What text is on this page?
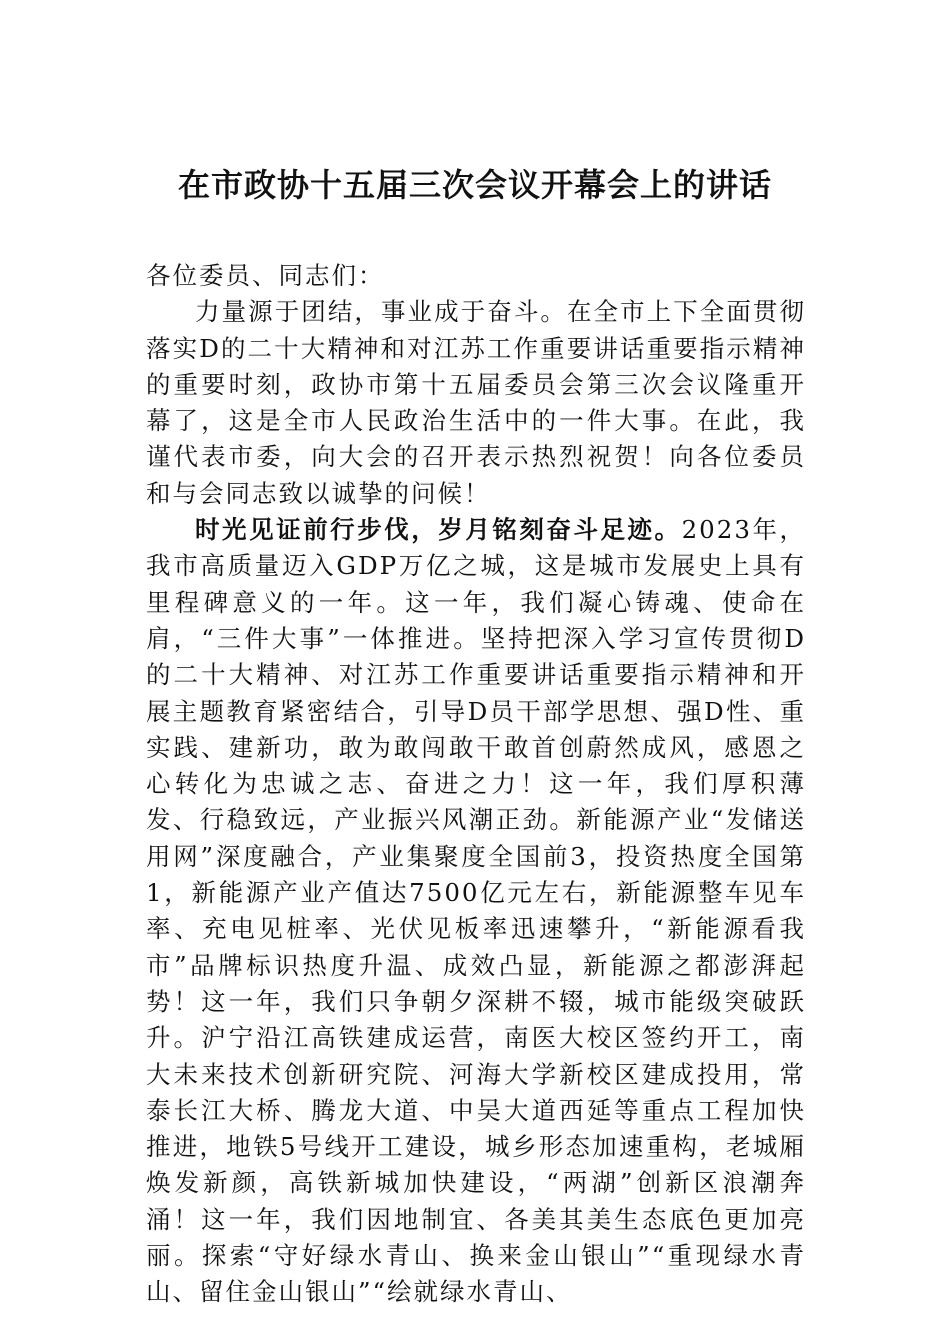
在市政协十五届三次会议开幕会上的讲话

各位委员、同志们：

力量源于团结，事业成于奋斗。在全市上下全面贯彻落实D的二十大精神和对江苏工作重要讲话重要指示精神的重要时刻，政协市第十五届委员会第三次会议隆重开幕了，这是全市人民政治生活中的一件大事。在此，我谨代表市委，向大会的召开表示热烈祝贺！向各位委员和与会同志致以诚挚的问候！

时光见证前行步伐，岁月铭刻奋斗足迹。2023年，我市高质量迈入GDP万亿之城，这是城市发展史上具有里程碑意义的一年。这一年，我们凝心铸魂、使命在肩，“三件大事”一体推进。坚持把深入学习宣传贯彻D的二十大精神、对江苏工作重要讲话重要指示精神和开展主题教育紧密结合，引导D员干部学思想、强D性、重实践、建新功，敢为敢闯敢干敢首创蔚然成风，感恩之心转化为忠诚之志、奋进之力！这一年，我们厚积薄发、行稳致远，产业振兴风潮正劲。新能源产业“发储送用网”深度融合，产业集聚度全国前3，投资热度全国第1，新能源产业产值达7500亿元左右，新能源整车见车率、充电见桩率、光伏见板率迅速攀升，“新能源看我市”品牌标识热度升温、成效凸显，新能源之都澎湃起势！这一年，我们只争朝夕深耕不辍，城市能级突破跃升。沪宁沿江高铁建成运营，南医大校区签约开工，南大未来技术创新研究院、河海大学新校区建成投用，常泰长江大桥、腾龙大道、中吴大道西延等重点工程加快推进，地铁5号线开工建设，城乡形态加速重构，老城厢焕发新颜，高铁新城加快建设，“两湖”创新区浪潮奔涌！这一年，我们因地制宜、各美其美生态底色更加亮丽。探索“守好绿水青山、换来金山银山”“重现绿水青山、留住金山银山”“绘就绿水青山、
